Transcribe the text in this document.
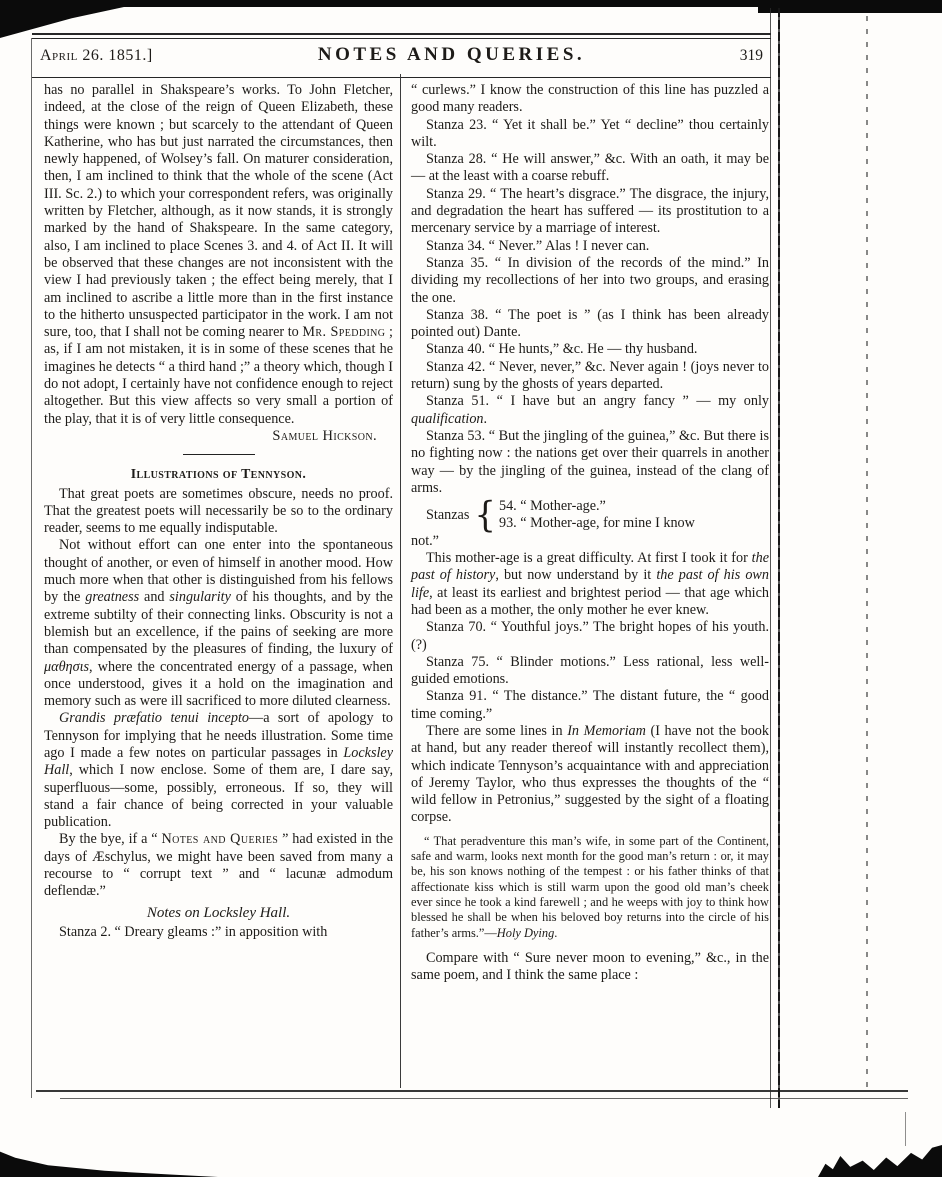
April 26. 1851.]	NOTES AND QUERIES.	319

has no parallel in Shakspeare’s works. To John Fletcher, indeed, at the close of the reign of Queen Elizabeth, these things were known ; but scarcely to the attendant of Queen Katherine, who has but just narrated the circumstances, then newly happened, of Wolsey’s fall. On maturer consideration, then, I am inclined to think that the whole of the scene (Act III. Sc. 2.) to which your correspondent refers, was originally written by Fletcher, although, as it now stands, it is strongly marked by the hand of Shakspeare. In the same category, also, I am inclined to place Scenes 3. and 4. of Act II. It will be observed that these changes are not inconsistent with the view I had previously taken ; the effect being merely, that I am inclined to ascribe a little more than in the first instance to the hitherto unsuspected participator in the work. I am not sure, too, that I shall not be coming nearer to Mr. Spedding ; as, if I am not mistaken, it is in some of these scenes that he imagines he detects “ a third hand ;” a theory which, though I do not adopt, I certainly have not confidence enough to reject altogether. But this view affects so very small a portion of the play, that it is of very little consequence.

Samuel Hickson.

Illustrations of Tennyson.

That great poets are sometimes obscure, needs no proof. That the greatest poets will necessarily be so to the ordinary reader, seems to me equally indisputable.

Not without effort can one enter into the spontaneous thought of another, or even of himself in another mood. How much more when that other is distinguished from his fellows by the greatness and singularity of his thoughts, and by the extreme subtilty of their connecting links. Obscurity is not a blemish but an excellence, if the pains of seeking are more than compensated by the pleasures of finding, the luxury of μαθησιs, where the concentrated energy of a passage, when once understood, gives it a hold on the imagination and memory such as were ill sacrificed to more diluted clearness.

Grandis præfatio tenui incepto—a sort of apology to Tennyson for implying that he needs illustration. Some time ago I made a few notes on particular passages in Locksley Hall, which I now enclose. Some of them are, I dare say, superfluous—some, possibly, erroneous. If so, they will stand a fair chance of being corrected in your valuable publication.

By the bye, if a “ Notes and Queries ” had existed in the days of Æschylus, we might have been saved from many a recourse to “ corrupt text ” and “ lacunæ admodum deflendæ.”

Notes on Locksley Hall.

Stanza 2. “ Dreary gleams :” in apposition with

“ curlews.” I know the construction of this line has puzzled a good many readers.

Stanza 23. “ Yet it shall be.” Yet “ decline” thou certainly wilt.

Stanza 28. “ He will answer,” &c. With an oath, it may be — at the least with a coarse rebuff.

Stanza 29. “ The heart’s disgrace.” The disgrace, the injury, and degradation the heart has suffered — its prostitution to a mercenary service by a marriage of interest.

Stanza 34. “ Never.” Alas ! I never can.

Stanza 35. “ In division of the records of the mind.” In dividing my recollections of her into two groups, and erasing the one.

Stanza 38. “ The poet is ” (as I think has been already pointed out) Dante.

Stanza 40. “ He hunts,” &c. He — thy husband.

Stanza 42. “ Never, never,” &c. Never again ! (joys never to return) sung by the ghosts of years departed.

Stanza 51. “ I have but an angry fancy ” — my only qualification.

Stanza 53. “ But the jingling of the guinea,” &c. But there is no fighting now : the nations get over their quarrels in another way — by the jingling of the guinea, instead of the clang of arms.

Stanzas { 54. “ Mother-age.”
93. “ Mother-age, for mine I know

not.”

This mother-age is a great difficulty. At first I took it for the past of history, but now understand by it the past of his own life, at least its earliest and brightest period — that age which had been as a mother, the only mother he ever knew.

Stanza 70. “ Youthful joys.” The bright hopes of his youth. (?)

Stanza 75. “ Blinder motions.” Less rational, less well-guided emotions.

Stanza 91. “ The distance.” The distant future, the “ good time coming.”

There are some lines in In Memoriam (I have not the book at hand, but any reader thereof will instantly recollect them), which indicate Tennyson’s acquaintance with and appreciation of Jeremy Taylor, who thus expresses the thoughts of the “ wild fellow in Petronius,” suggested by the sight of a floating corpse.

“ That peradventure this man’s wife, in some part of the Continent, safe and warm, looks next month for the good man’s return : or, it may be, his son knows nothing of the tempest : or his father thinks of that affectionate kiss which is still warm upon the good old man’s cheek ever since he took a kind farewell ; and he weeps with joy to think how blessed he shall be when his beloved boy returns into the circle of his father’s arms.”—Holy Dying.

Compare with “ Sure never moon to evening,” &c., in the same poem, and I think the same place :
